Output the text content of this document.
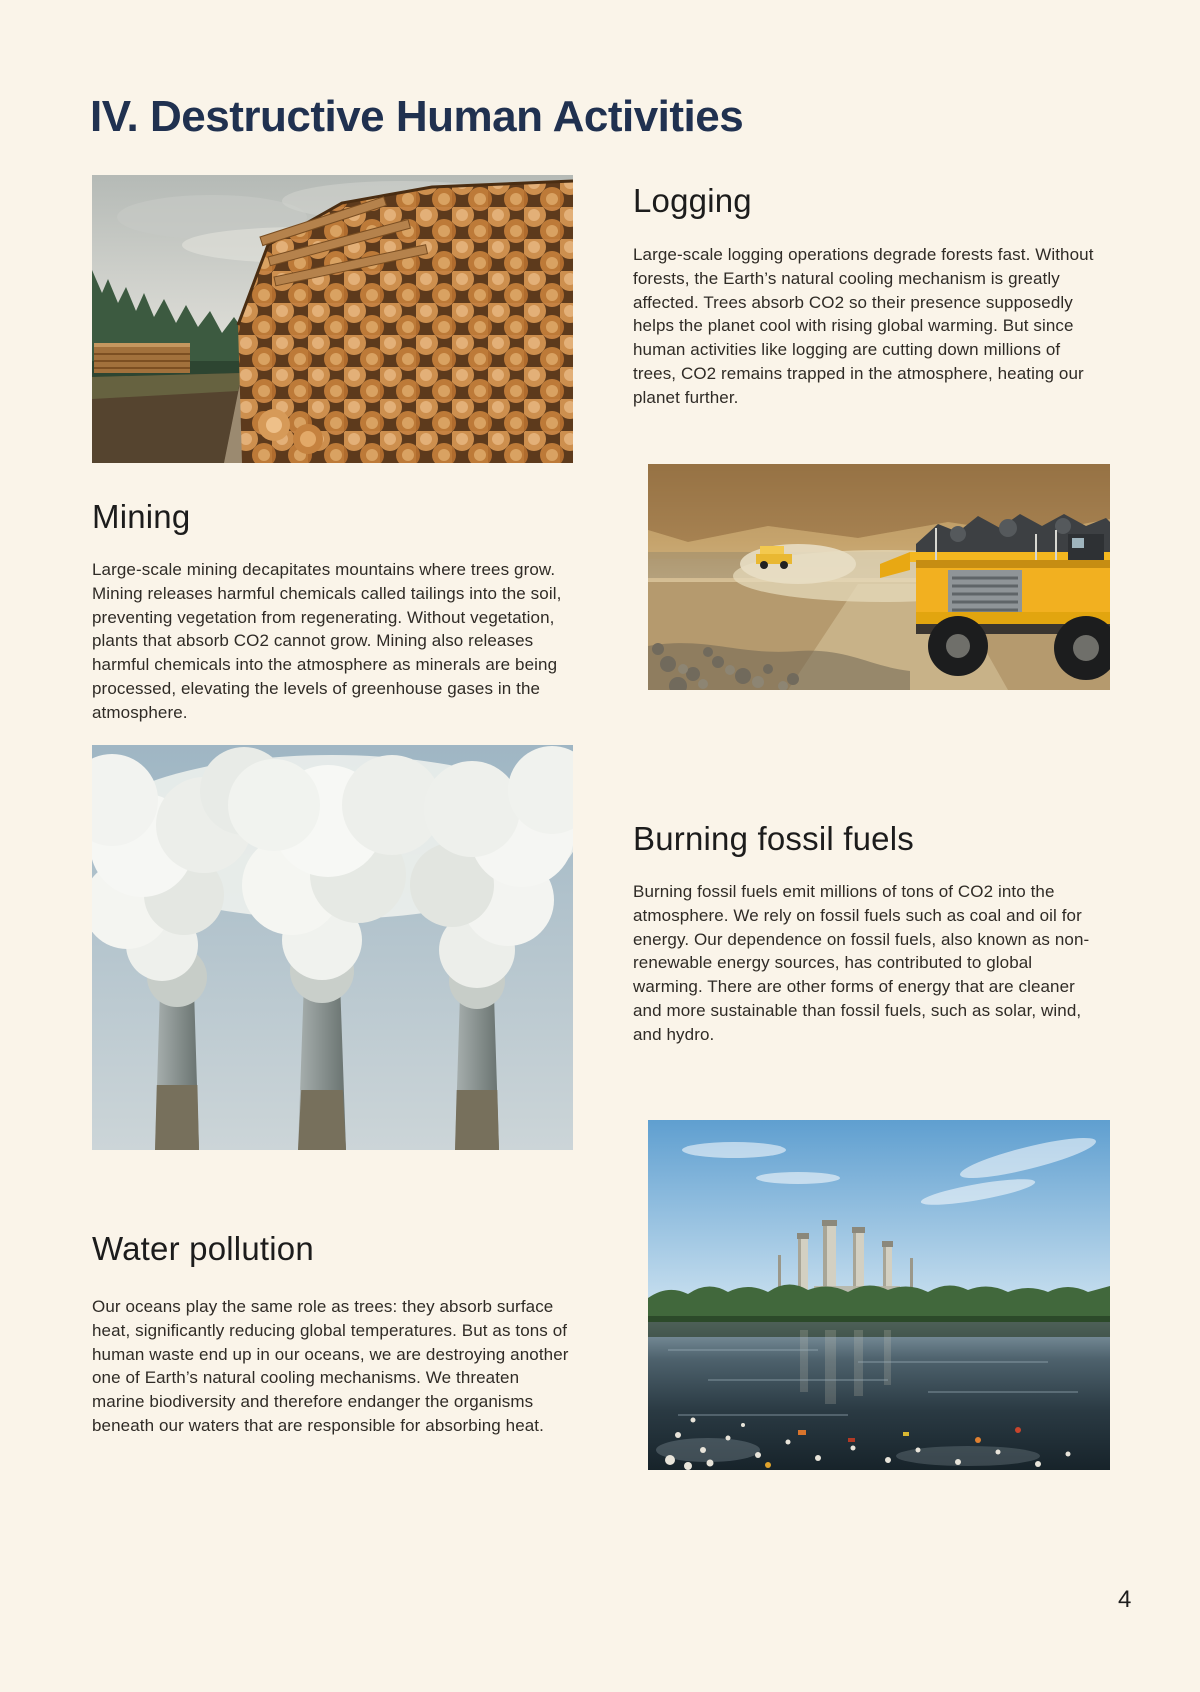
IV. Destructive Human Activities
Logging

Large-scale logging operations degrade forests fast. Without forests, the Earth’s natural cooling mechanism is greatly affected. Trees absorb CO2 so their presence supposedly helps the planet cool with rising global warming. But since human activities like logging are cutting down millions of trees, CO2 remains trapped in the atmosphere, heating our planet further.

Mining

Large-scale mining decapitates mountains where trees grow. Mining releases harmful chemicals called tailings into the soil, preventing vegetation from regenerating. Without vegetation, plants that absorb CO2 cannot grow. Mining also releases harmful chemicals into the atmosphere as minerals are being processed, elevating the levels of greenhouse gases in the atmosphere.

Burning fossil fuels

Burning fossil fuels emit millions of tons of CO2 into the atmosphere. We rely on fossil fuels such as coal and oil for energy. Our dependence on fossil fuels, also known as non-renewable energy sources, has contributed to global warming. There are other forms of energy that are cleaner and more sustainable than fossil fuels, such as solar, wind, and hydro.

Water pollution

Our oceans play the same role as trees: they absorb surface heat, significantly reducing global temperatures. But as tons of human waste end up in our oceans, we are destroying another one of Earth’s natural cooling mechanisms. We threaten marine biodiversity and therefore endanger the organisms beneath our waters that are responsible for absorbing heat.

4
